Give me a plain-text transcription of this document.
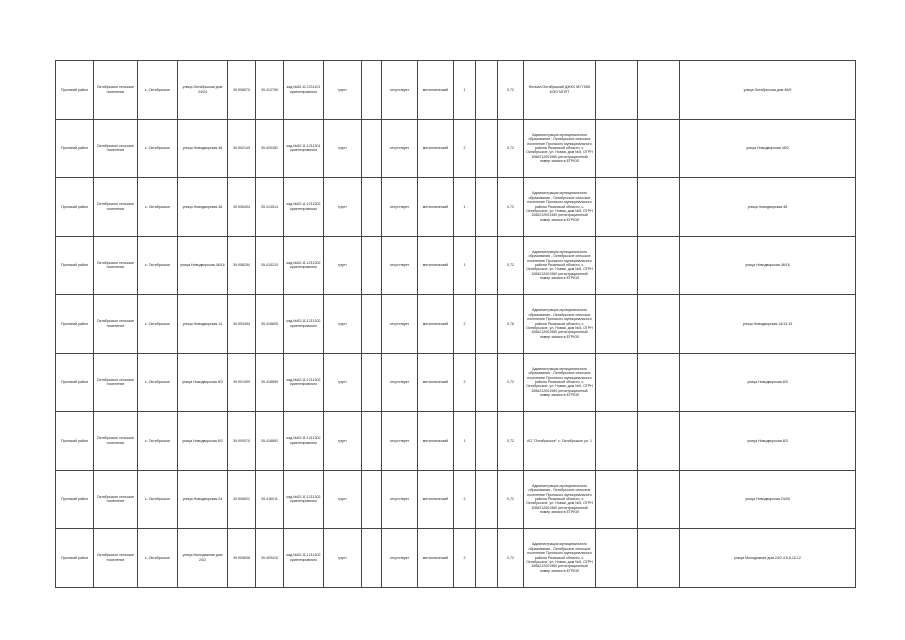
Пронский район	Октябрьское сельское поселение	с. Октябрьское	улица Октябрьская дом 24/24	39.908570	39.412790	кад.№62:11:1211101 ориентировочно	грунт		отсутствует	металлический	1		0,72	Филиал Октябрьский ДЖКХ МУ ПЖК МЭО МППТ			улица Октябрьская дом 46/9
Пронский район	Октябрьское сельское поселение	с. Октябрьское	улица Новодворская 48	39.902149	39.420382	кад.№62:11:1211301 ориентировочно	грунт		отсутствует	металлический	2		0,72	Администрация муниципального образования - Октябрьское сельское поселение Пронского муниципального района Рязанской области, с. Октябрьское, ул. Новая, дом №5, ОГРН 1066212001960 регистрационный номер записи в ЕГРЮЛ			улица Новодворская 48/2
Пронский район	Октябрьское сельское поселение	с. Октябрьское	улица Новодворская 48	39.908404	39.413514	кад.№62:11:1211302 ориентировочно	грунт		отсутствует	металлический	1		0,72	Администрация муниципального образования - Октябрьское сельское поселение Пронского муниципального района Рязанской области, с. Октябрьское, ул. Новая, дом №5, ОГРН 1066212001960 регистрационный номер записи в ЕГРЮЛ			улица Новодворская 48
Пронский район	Октябрьское сельское поселение	с. Октябрьское	улица Новодворская 46/16	39.908294	39.415215	кад.№62:11:1211302 ориентировочно	грунт		отсутствует	металлический	1		0,72	Администрация муниципального образования - Октябрьское сельское поселение Пронского муниципального района Рязанской области, с. Октябрьское, ул. Новая, дом №5, ОГРН 1066212001960 регистрационный номер записи в ЕГРЮЛ			улица Новодворская 46/16
Пронский район	Октябрьское сельское поселение	с. Октябрьское	улица Новодворская 14	39.903494	39.416605	кад.№62:11:1211302 ориентировочно	грунт		отсутствует	металлический	2		0,76	Администрация муниципального образования - Октябрьское сельское поселение Пронского муниципального района Рязанской области, с. Октябрьское, ул. Новая, дом №5, ОГРН 1066212001960 регистрационный номер записи в ЕГРЮЛ			улица Новодворская 14/13,15
Пронский район	Октябрьское сельское поселение	с. Октябрьское	улица Новодворская 8/3	39.901999	39.418899	кад.№62:11:1211302 ориентировочно	грунт		отсутствует	металлический	2		0,72	Администрация муниципального образования - Октябрьское сельское поселение Пронского муниципального района Рязанской области, с. Октябрьское, ул. Новая, дом №5, ОГРН 1066212001960 регистрационный номер записи в ЕГРЮЛ			улица Новодворская 8/3
Пронский район	Октябрьское сельское поселение	с. Октябрьское	улица Новодворская 8/3	39.900070	39.418892	кад.№62:11:1211302 ориентировочно	грунт		отсутствует	металлический	1		0,72	АО "Октябрьское" с. Октябрьское ул. 1			улица Новодворская 8/3
Пронский район	Октябрьское сельское поселение	с. Октябрьское	улица Новодворская 24	39.906522	39.416011	кад.№62:11:1211302 ориентировочно	грунт		отсутствует	металлический	2		0,72	Администрация муниципального образования - Октябрьское сельское поселение Пронского муниципального района Рязанской области, с. Октябрьское, ул. Новая, дом №5, ОГРН 1066212001960 регистрационный номер записи в ЕГРЮЛ			улица Новодворская 24/26
Пронский район	Октябрьское сельское поселение	с. Октябрьское	улица Молодежная дом 24/2	39.905638	39.409410	кад.№62:11:1211302 ориентировочно	грунт		отсутствует	металлический	2		0,72	Администрация муниципального образования - Октябрьское сельское поселение Пронского муниципального района Рязанской области, с. Октябрьское, ул. Новая, дом №5, ОГРН 1066212001960 регистрационный номер записи в ЕГРЮЛ			улица Молодежная дом 24/2,4,6,8,10,12
